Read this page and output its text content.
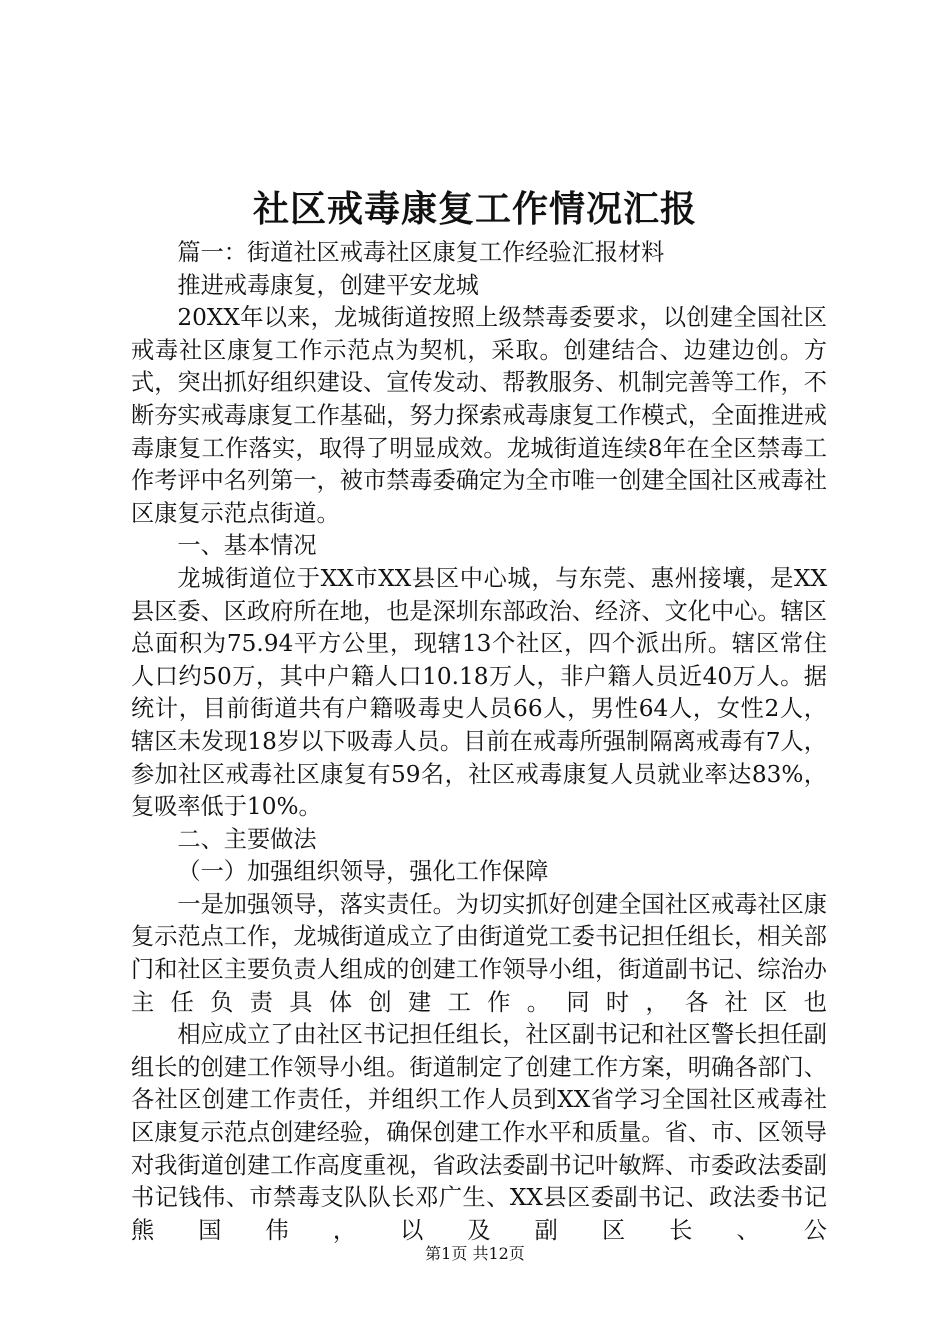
社区戒毒康复工作情况汇报

篇一：街道社区戒毒社区康复工作经验汇报材料

推进戒毒康复，创建平安龙城

20XX年以来，龙城街道按照上级禁毒委要求，以创建全国社区戒毒社区康复工作示范点为契机，采取。创建结合、边建边创。方式，突出抓好组织建设、宣传发动、帮教服务、机制完善等工作，不断夯实戒毒康复工作基础，努力探索戒毒康复工作模式，全面推进戒毒康复工作落实，取得了明显成效。龙城街道连续8年在全区禁毒工作考评中名列第一，被市禁毒委确定为全市唯一创建全国社区戒毒社区康复示范点街道。

一、基本情况

龙城街道位于XX市XX县区中心城，与东莞、惠州接壤，是XX县区委、区政府所在地，也是深圳东部政治、经济、文化中心。辖区总面积为75.94平方公里，现辖13个社区，四个派出所。辖区常住人口约50万，其中户籍人口10.18万人，非户籍人员近40万人。据统计，目前街道共有户籍吸毒史人员66人，男性64人，女性2人，辖区未发现18岁以下吸毒人员。目前在戒毒所强制隔离戒毒有7人，参加社区戒毒社区康复有59名，社区戒毒康复人员就业率达83%，复吸率低于10%。

二、主要做法

（一）加强组织领导，强化工作保障

一是加强领导，落实责任。为切实抓好创建全国社区戒毒社区康复示范点工作，龙城街道成立了由街道党工委书记担任组长，相关部门和社区主要负责人组成的创建工作领导小组，街道副书记、综治办主任负责具体创建工作。同时，各社区也

相应成立了由社区书记担任组长，社区副书记和社区警长担任副组长的创建工作领导小组。街道制定了创建工作方案，明确各部门、各社区创建工作责任，并组织工作人员到XX省学习全国社区戒毒社区康复示范点创建经验，确保创建工作水平和质量。省、市、区领导对我街道创建工作高度重视，省政法委副书记叶敏辉、市委政法委副书记钱伟、市禁毒支队队长邓广生、XX县区委副书记、政法委书记熊国伟，以及副区长、公

第1页 共12页
